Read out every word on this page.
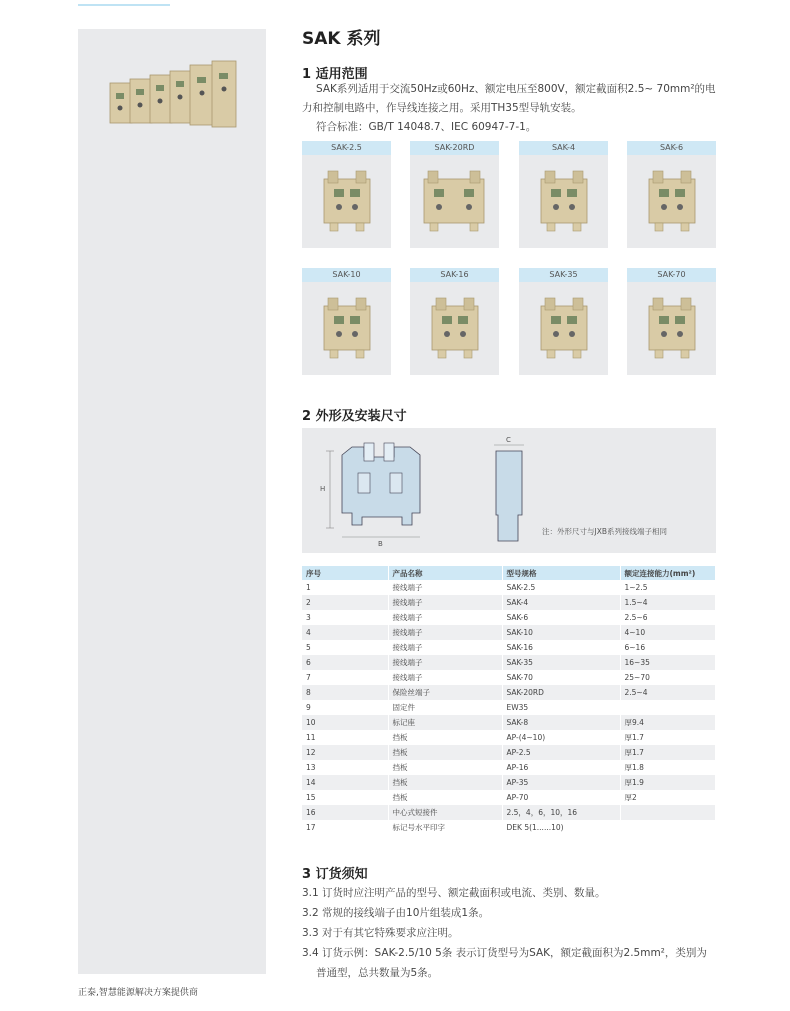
正泰,智慧能源解决方案提供商
SAK 系列
1 适用范围
SAK系列适用于交流50Hz或60Hz、额定电压至800V，额定截面积2.5~ 70mm²的电
力和控制电路中，作导线连接之用。采用TH35型导轨安装。
符合标准：GB/T 14048.7、IEC 60947-7-1。
SAK-2.5	SAK-20RD	SAK-4	SAK-6
SAK-10	SAK-16	SAK-35	SAK-70
2 外形及安装尺寸
H
B
C
注：外形尺寸与JXB系列接线端子相同
序号	产品名称	型号规格	额定连接能力(mm²)
1	接线端子	SAK-2.5	1~2.5
2	接线端子	SAK-4	1.5~4
3	接线端子	SAK-6	2.5~6
4	接线端子	SAK-10	4~10
5	接线端子	SAK-16	6~16
6	接线端子	SAK-35	16~35
7	接线端子	SAK-70	25~70
8	保险丝端子	SAK-20RD	2.5~4
9	固定件	EW35	
10	标记座	SAK-8	厚9.4
11	挡板	AP-(4~10)	厚1.7
12	挡板	AP-2.5	厚1.7
13	挡板	AP-16	厚1.8
14	挡板	AP-35	厚1.9
15	挡板	AP-70	厚2
16	中心式短接件	2.5，4，6，10，16	
17	标记号水平印字	DEK 5(1......10)	
3 订货须知
3.1 订货时应注明产品的型号、额定截面积或电流、类别、数量。
3.2 常规的接线端子由10片组装成1条。
3.3 对于有其它特殊要求应注明。
3.4 订货示例：SAK-2.5/10 5条 表示订货型号为SAK，额定截面积为2.5mm²，类别为
普通型，总共数量为5条。
